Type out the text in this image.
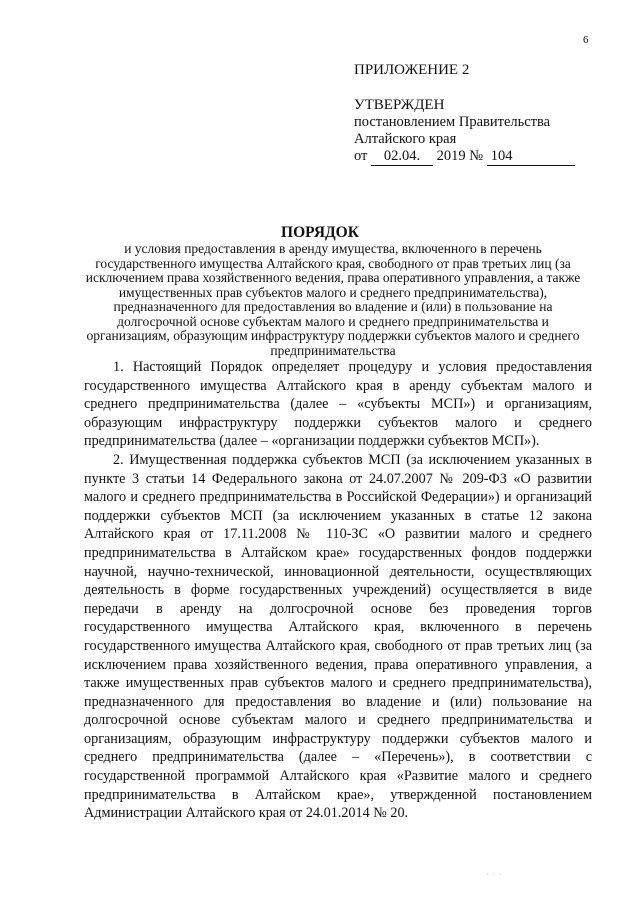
6
ПРИЛОЖЕНИЕ 2
УТВЕРЖДЕН
постановлением Правительства
Алтайского края
от 02.04. 2019 № 104
ПОРЯДОК
и условия предоставления в аренду имущества, включенного в перечень государственного имущества Алтайского края, свободного от прав третьих лиц (за исключением права хозяйственного ведения, права оперативного управления, а также имущественных прав субъектов малого и среднего предпринимательства), предназначенного для предоставления во владение и (или) в пользование на долгосрочной основе субъектам малого и среднего предпринимательства и организациям, образующим инфраструктуру поддержки субъектов малого и среднего предпринимательства

1. Настоящий Порядок определяет процедуру и условия предоставления государственного имущества Алтайского края в аренду субъектам малого и среднего предпринимательства (далее – «субъекты МСП») и организациям, образующим инфраструктуру поддержки субъектов малого и среднего предпринимательства (далее – «организации поддержки субъектов МСП»).

2. Имущественная поддержка субъектов МСП (за исключением указанных в пункте 3 статьи 14 Федерального закона от 24.07.2007 № 209-ФЗ «О развитии малого и среднего предпринимательства в Российской Федерации») и организаций поддержки субъектов МСП (за исключением указанных в статье 12 закона Алтайского края от 17.11.2008 № 110-ЗС «О развитии малого и среднего предпринимательства в Алтайском крае» государственных фондов поддержки научной, научно-технической, инновационной деятельности, осуществляющих деятельность в форме государственных учреждений) осуществляется в виде передачи в аренду на долгосрочной основе без проведения торгов государственного имущества Алтайского края, включенного в перечень государственного имущества Алтайского края, свободного от прав третьих лиц (за исключением права хозяйственного ведения, права оперативного управления, а также имущественных прав субъектов малого и среднего предпринимательства), предназначенного для предоставления во владение и (или) пользование на долгосрочной основе субъектам малого и среднего предпринимательства и организациям, образующим инфраструктуру поддержки субъектов малого и среднего предпринимательства (далее – «Перечень»), в соответствии с государственной программой Алтайского края «Развитие малого и среднего предпринимательства в Алтайском крае», утвержденной постановлением Администрации Алтайского края от 24.01.2014 № 20.

· · ·
